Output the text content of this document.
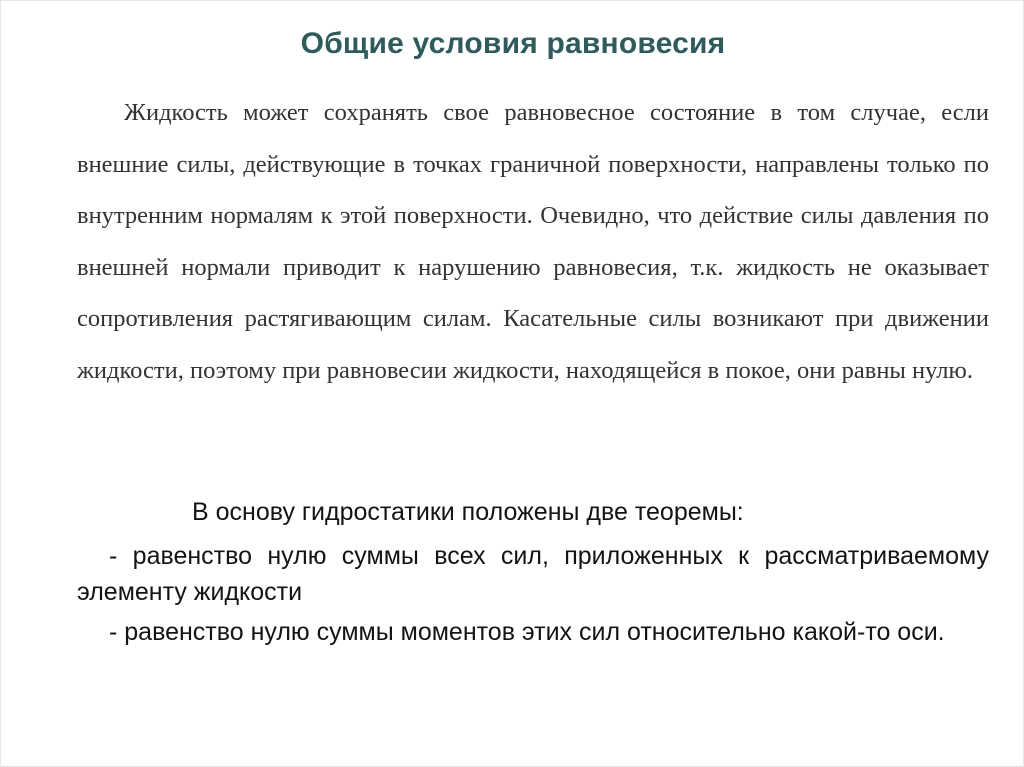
Общие условия равновесия
Жидкость может сохранять свое равновесное состояние в том случае, если внешние силы, действующие в точках граничной поверхности, направлены только по внутренним нормалям к этой поверхности. Очевидно, что действие силы давления по внешней нормали приводит к нарушению равновесия, т.к. жидкость не оказывает сопротивления растягивающим силам. Касательные силы возникают при движении жидкости, поэтому при равновесии жидкости, находящейся в покое, они равны нулю.
В основу гидростатики положены две теоремы:
- равенство нулю суммы всех сил, приложенных к рассматриваемому элементу жидкости
- равенство нулю суммы моментов этих сил относительно какой-то оси.
